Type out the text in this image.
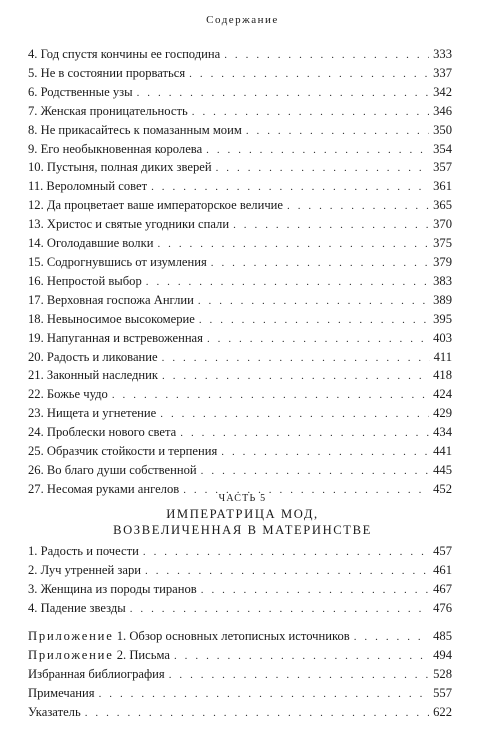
Содержание
4. Год спустя кончины ее господина . . .	333
5. Не в состоянии прорваться . . .	337
6. Родственные узы . . .	342
7. Женская проницательность . . .	346
8. Не прикасайтесь к помазанным моим . . .	350
9. Его необыкновенная королева . . .	354
10. Пустыня, полная диких зверей . . .	357
11. Вероломный совет . . .	361
12. Да процветает ваше императорское величие . . .	365
13. Христос и святые угодники спали . . .	370
14. Оголодавшие волки . . .	375
15. Содрогнувшись от изумления . . .	379
16. Непростой выбор . . .	383
17. Верховная госпожа Англии . . .	389
18. Невыносимое высокомерие . . .	395
19. Напуганная и встревоженная . . .	403
20. Радость и ликование . . .	411
21. Законный наследник . . .	418
22. Божье чудо . . .	424
23. Нищета и угнетение . . .	429
24. Проблески нового света . . .	434
25. Образчик стойкости и терпения . . .	441
26. Во благо души собственной . . .	445
27. Несомая руками ангелов . . .	452
ЧАСТЬ 5
ИМПЕРАТРИЦА МОД,
ВОЗВЕЛИЧЕННАЯ В МАТЕРИНСТВЕ
1. Радость и почести . . .	457
2. Луч утренней зари . . .	461
3. Женщина из породы тиранов . . .	467
4. Падение звезды . . .	476
Приложение 1. Обзор основных летописных источников . . .	485
Приложение 2. Письма . . .	494
Избранная библиография . . .	528
Примечания . . .	557
Указатель . . .	622
